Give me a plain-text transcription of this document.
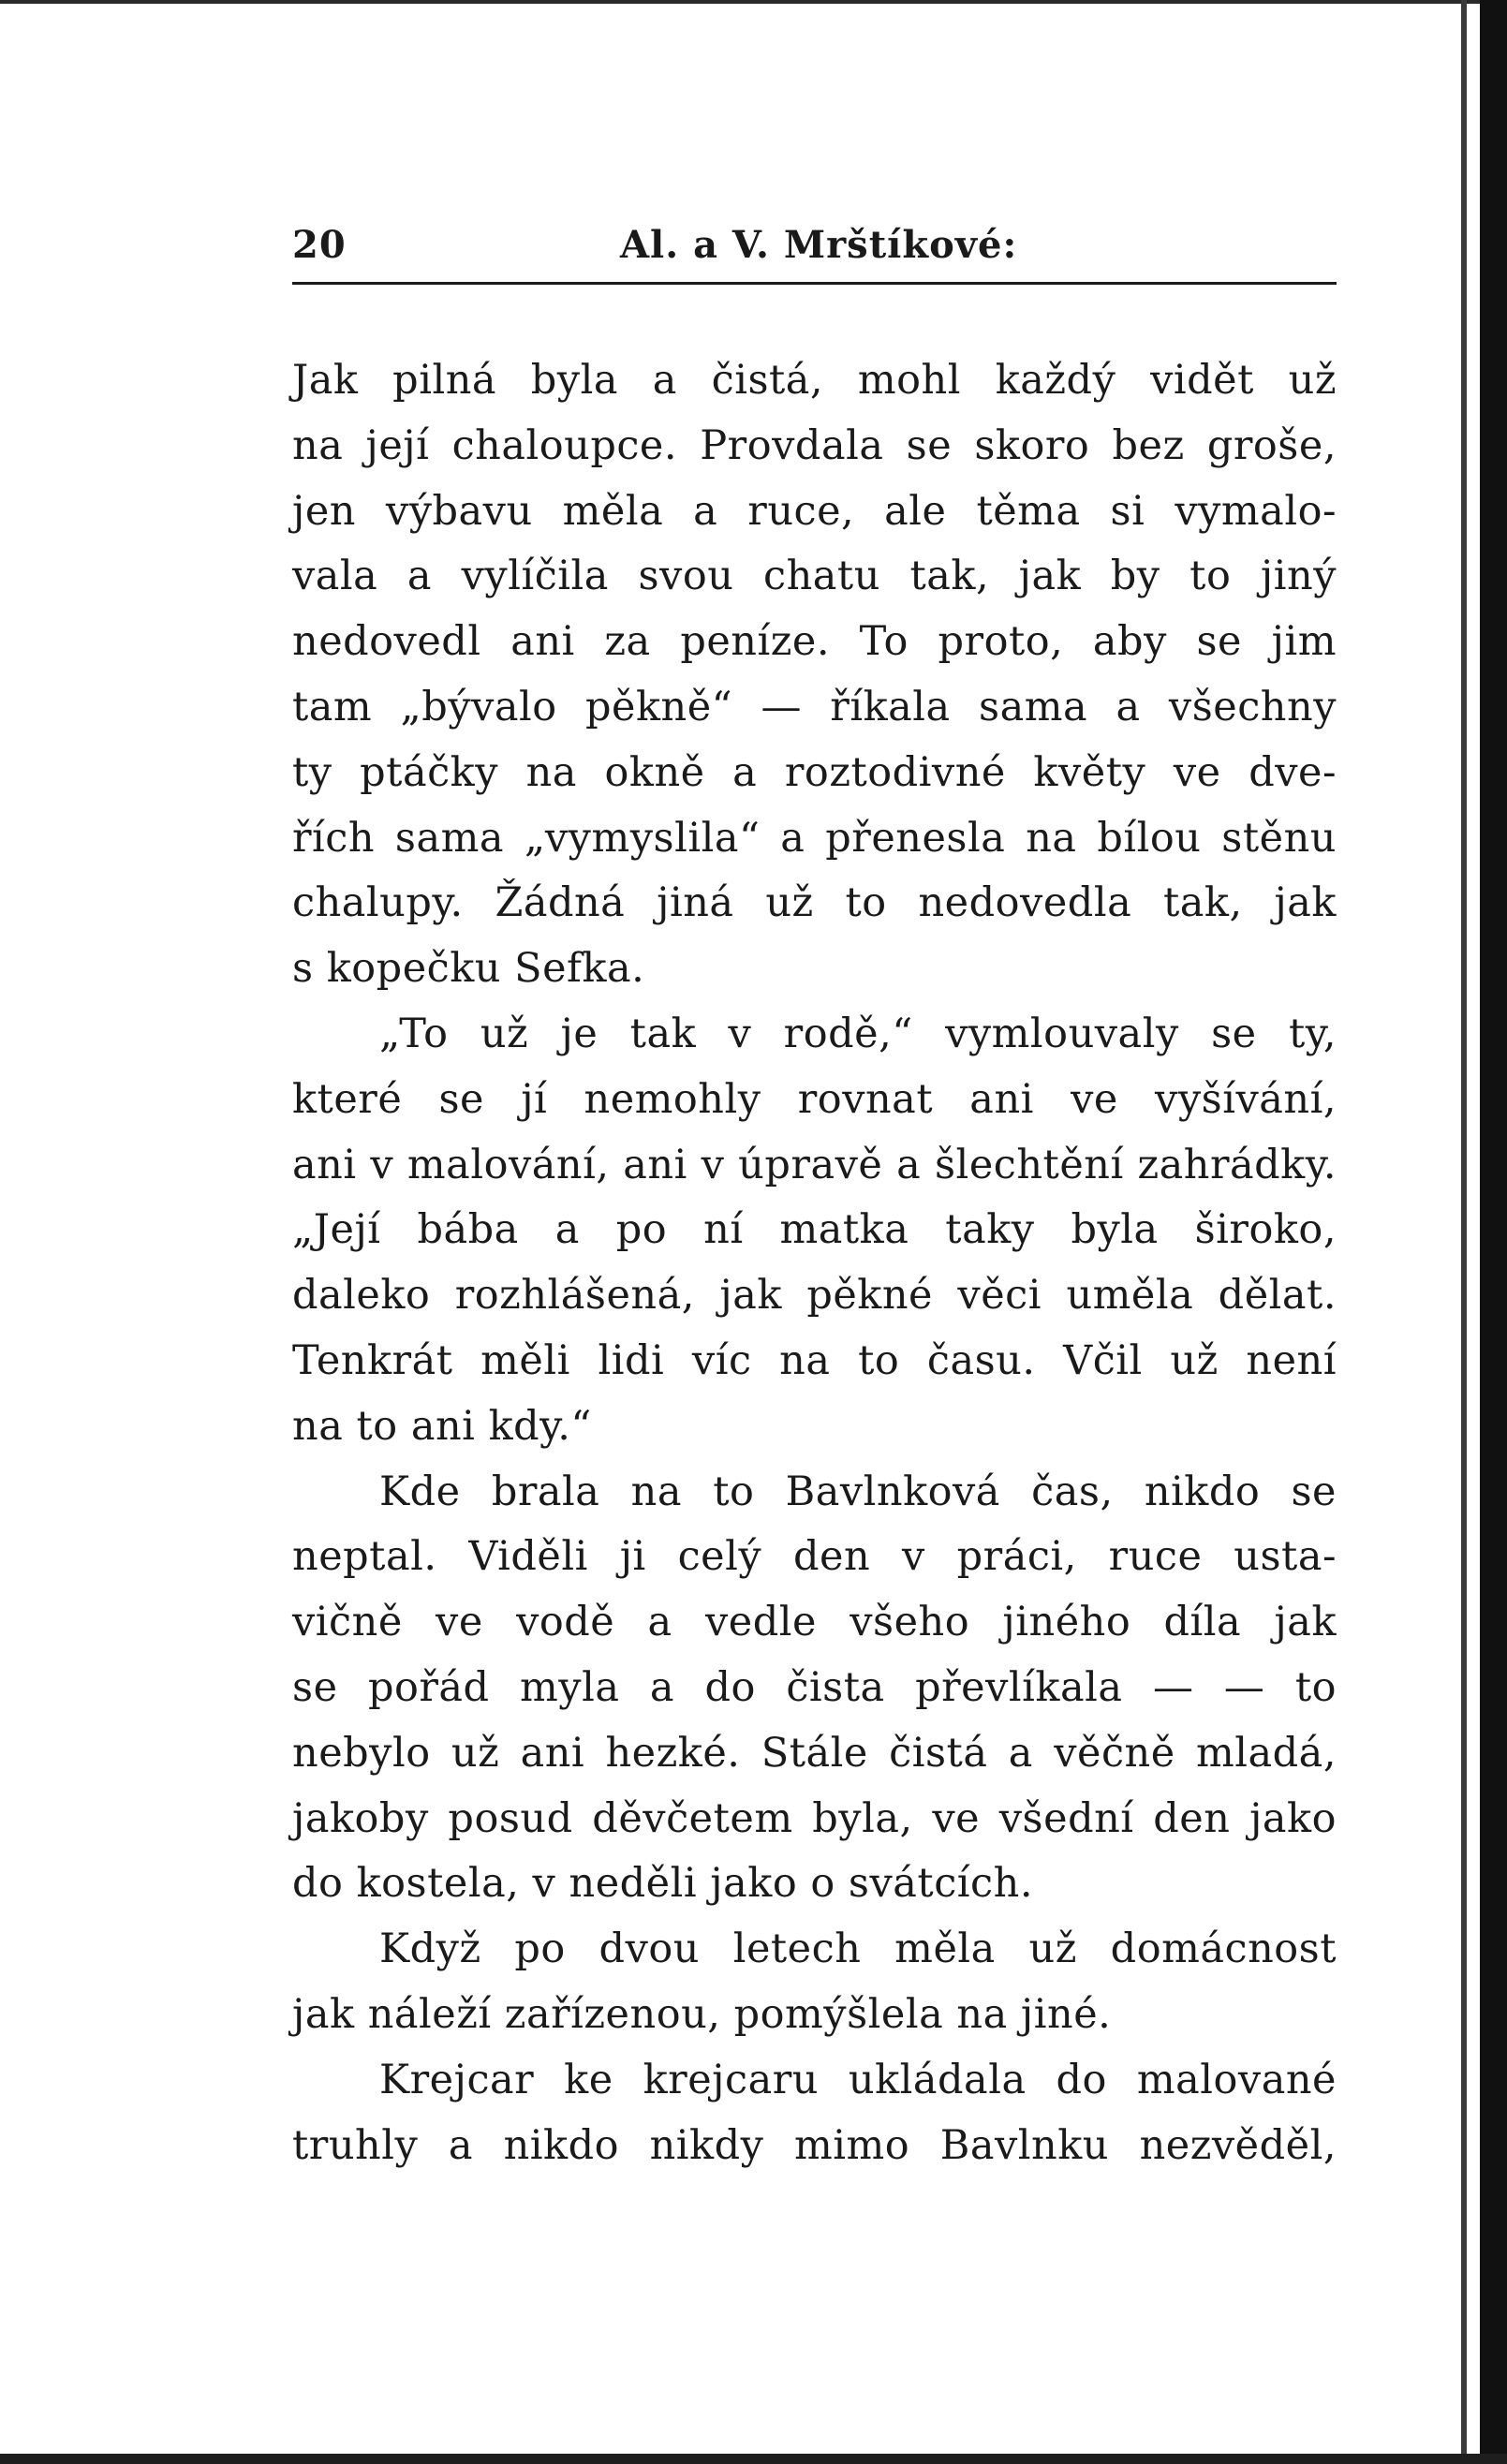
20	Al. a V. Mrštíkové:
Jak pilná byla a čistá, mohl každý vidět už
na její chaloupce. Provdala se skoro bez groše,
jen výbavu měla a ruce, ale těma si vymalo-
vala a vylíčila svou chatu tak, jak by to jiný
nedovedl ani za peníze. To proto, aby se jim
tam „bývalo pěkně“ — říkala sama a všechny
ty ptáčky na okně a roztodivné květy ve dve-
řích sama „vymyslila“ a přenesla na bílou stěnu
chalupy. Žádná jiná už to nedovedla tak, jak
s kopečku Sefka.
„To už je tak v rodě,“ vymlouvaly se ty,
které se jí nemohly rovnat ani ve vyšívání,
ani v malování, ani v úpravě a šlechtění zahrádky.
„Její bába a po ní matka taky byla široko,
daleko rozhlášená, jak pěkné věci uměla dělat.
Tenkrát měli lidi víc na to času. Včil už není
na to ani kdy.“
Kde brala na to Bavlnková čas, nikdo se
neptal. Viděli ji celý den v práci, ruce usta-
vičně ve vodě a vedle všeho jiného díla jak
se pořád myla a do čista převlíkala — — to
nebylo už ani hezké. Stále čistá a věčně mladá,
jakoby posud děvčetem byla, ve všední den jako
do kostela, v neděli jako o svátcích.
Když po dvou letech měla už domácnost
jak náleží zařízenou, pomýšlela na jiné.
Krejcar ke krejcaru ukládala do malované
truhly a nikdo nikdy mimo Bavlnku nezvěděl,
